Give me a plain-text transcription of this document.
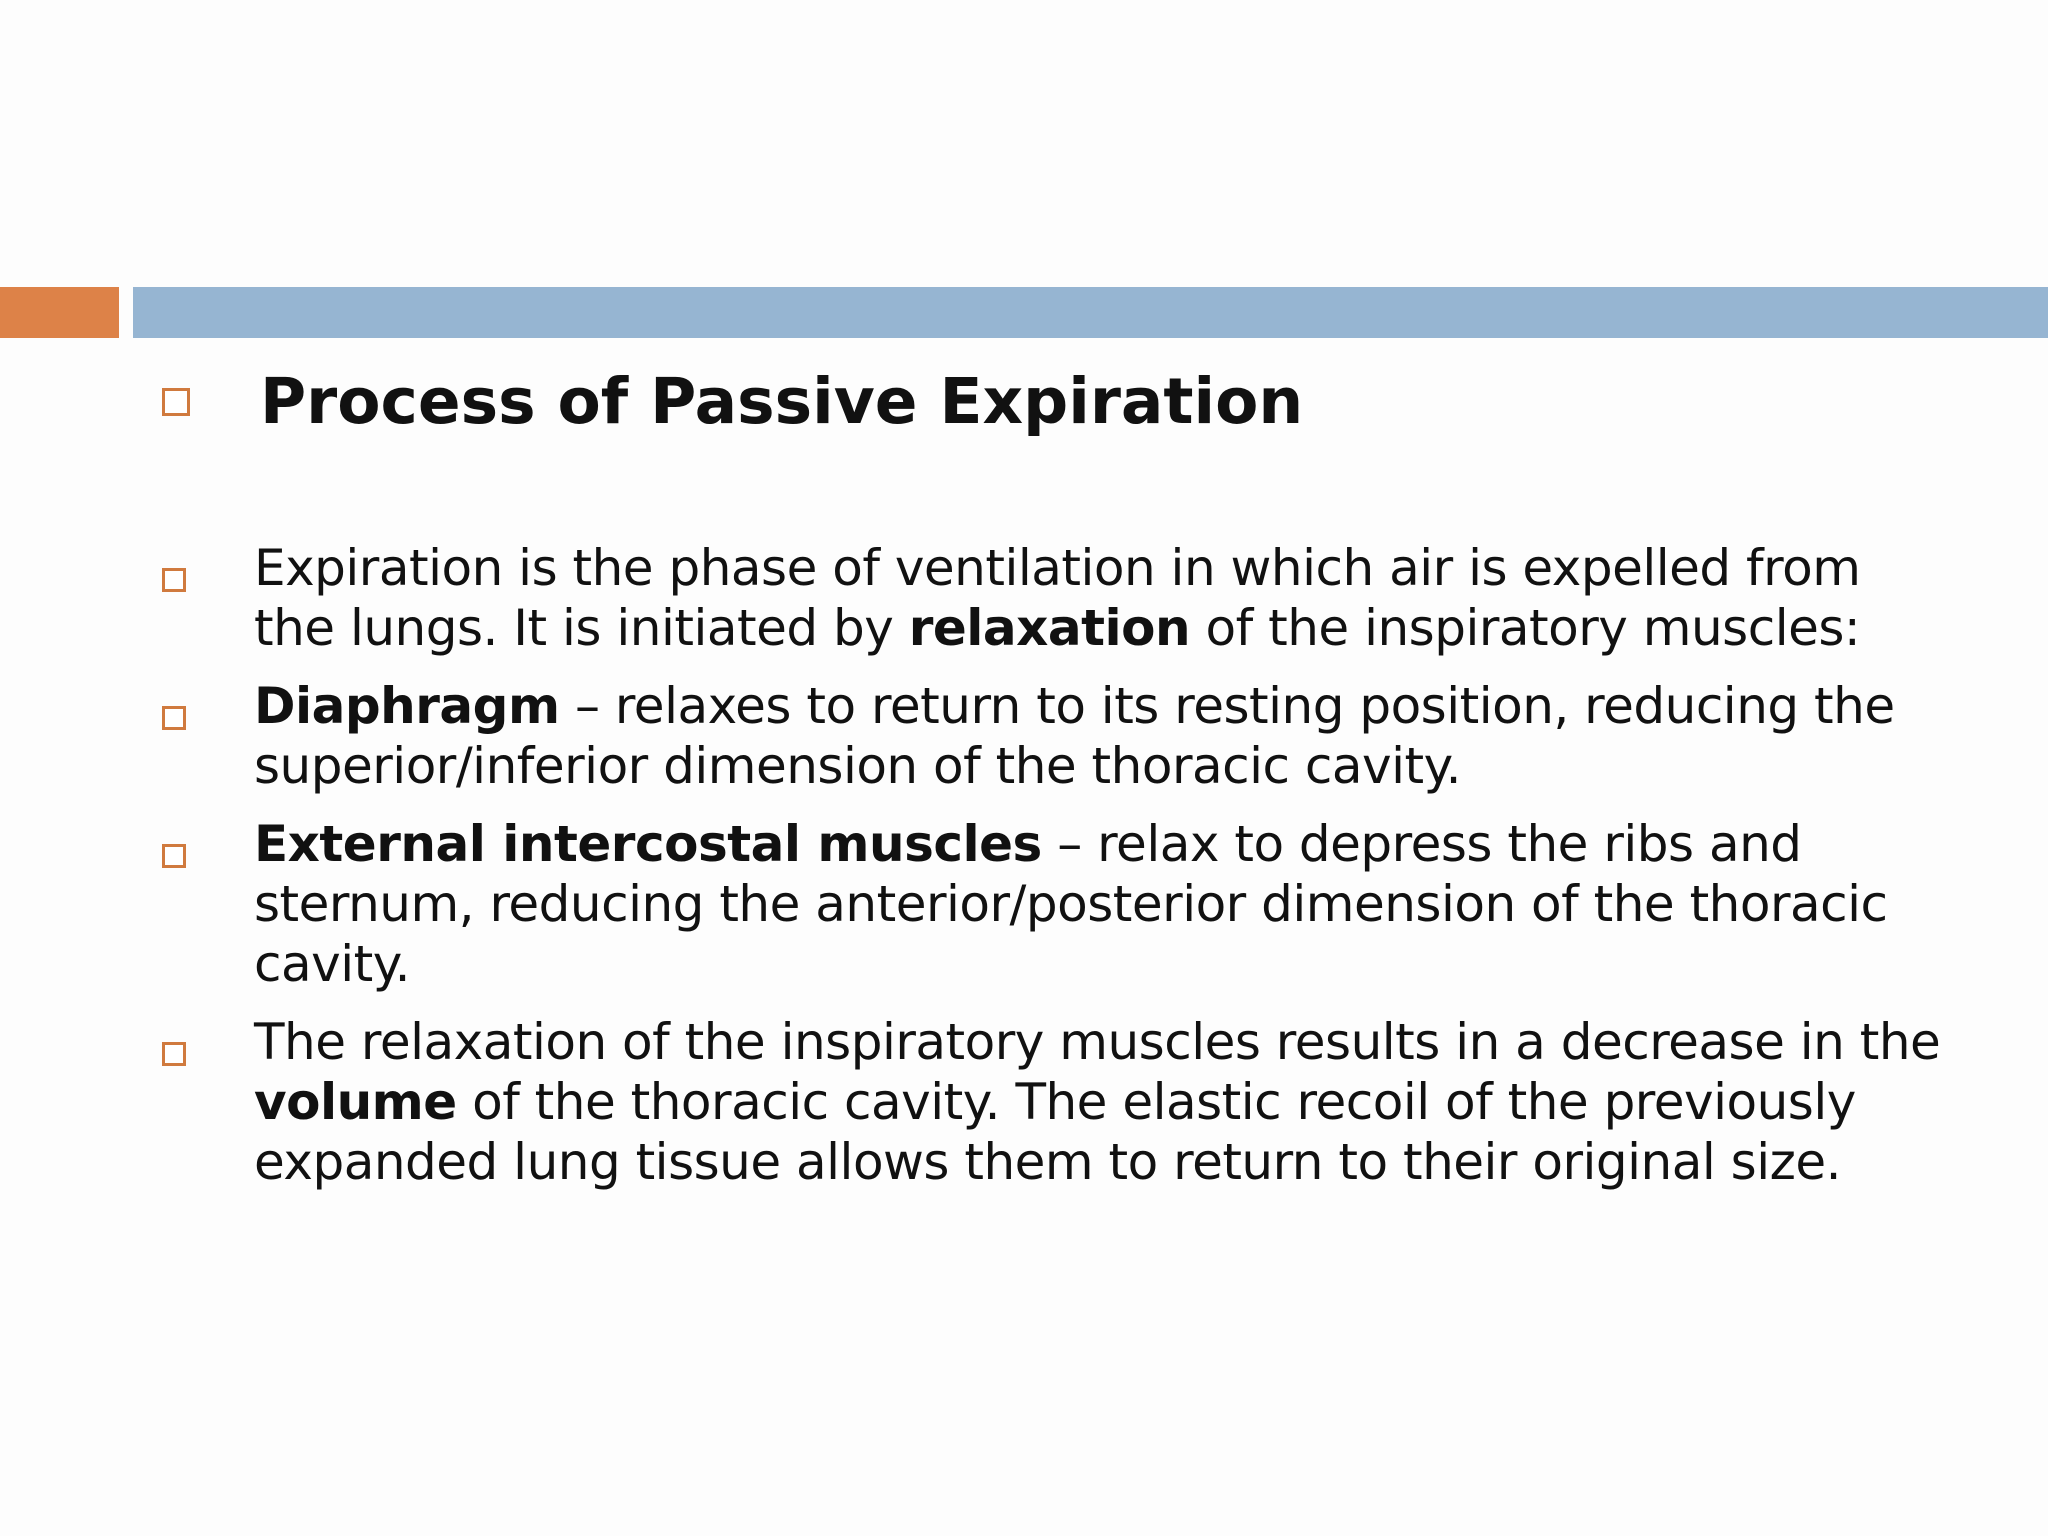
Process of Passive Expiration
Expiration is the phase of ventilation in which air is expelled from the lungs. It is initiated by relaxation of the inspiratory muscles:
Diaphragm – relaxes to return to its resting position, reducing the superior/inferior dimension of the thoracic cavity.
External intercostal muscles – relax to depress the ribs and sternum, reducing the anterior/posterior dimension of the thoracic cavity.
The relaxation of the inspiratory muscles results in a decrease in the volume of the thoracic cavity. The elastic recoil of the previously expanded lung tissue allows them to return to their original size.
